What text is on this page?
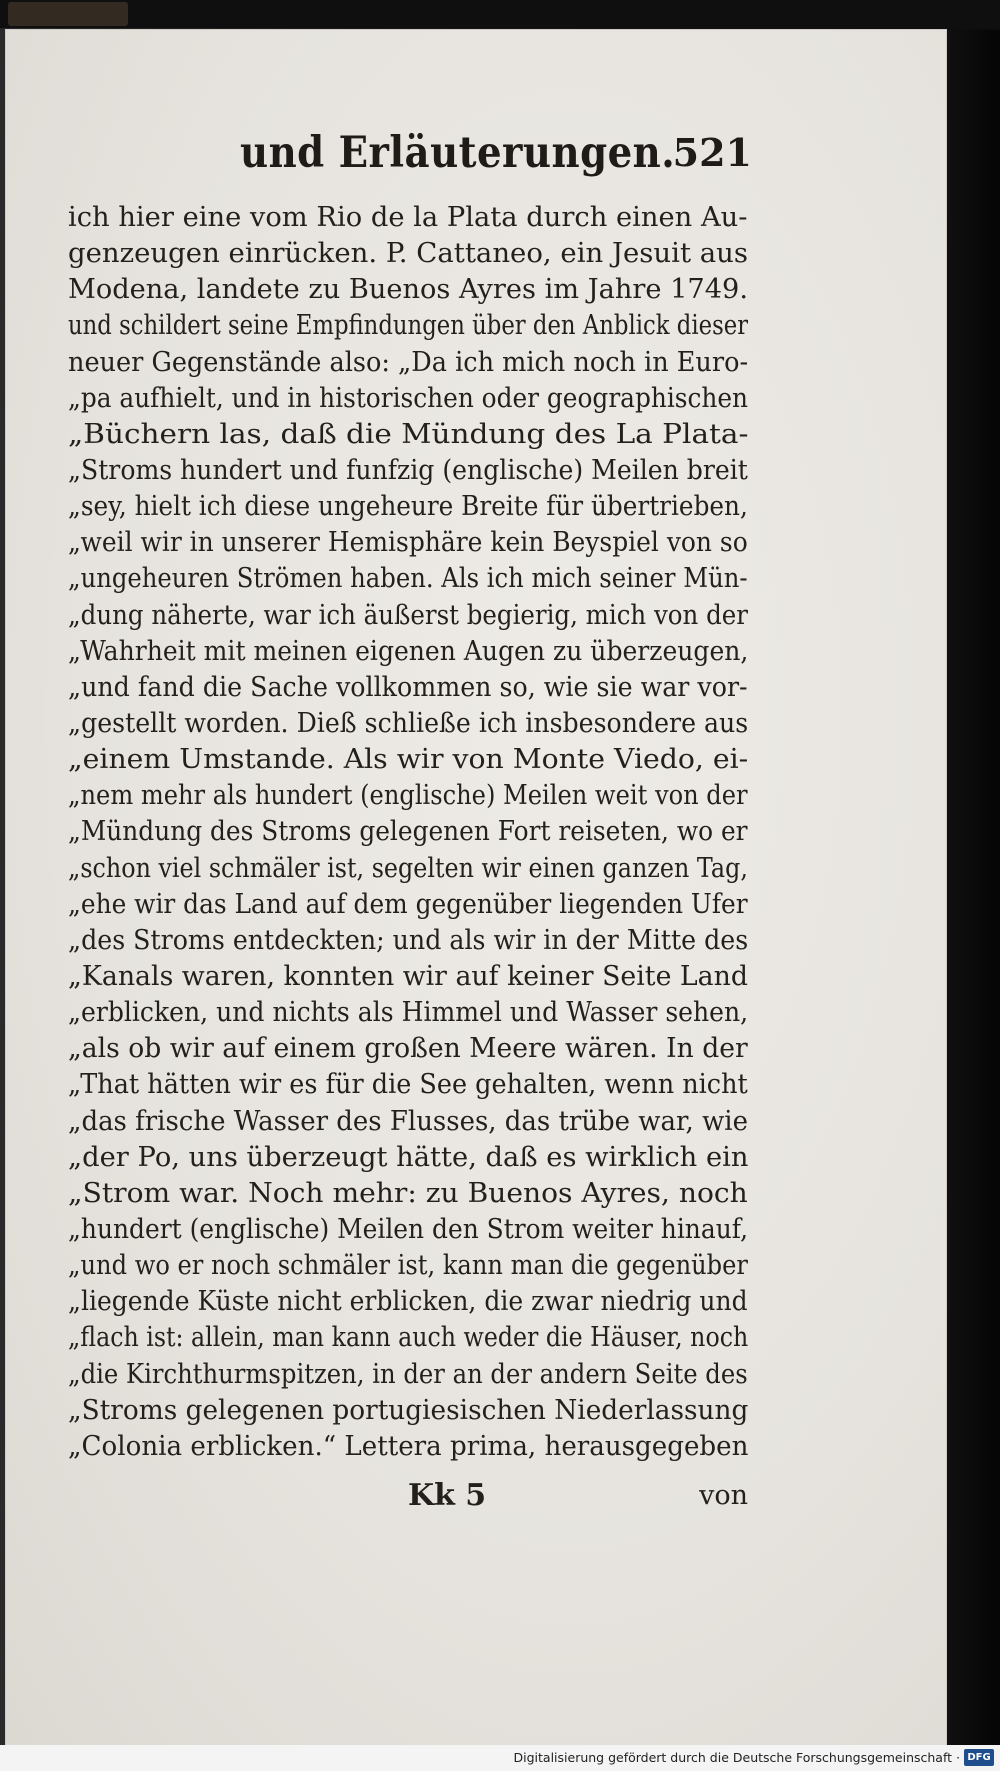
und Erläuterungen.
521
ich hier eine vom Rio de la Plata durch einen Au-
genzeugen einrücken. P. Cattaneo, ein Jesuit aus
Modena, landete zu Buenos Ayres im Jahre 1749.
und schildert seine Empfindungen über den Anblick dieser
neuer Gegenstände also: „Da ich mich noch in Euro-
„pa aufhielt, und in historischen oder geographischen
„Büchern las, daß die Mündung des La Plata-
„Stroms hundert und funfzig (englische) Meilen breit
„sey, hielt ich diese ungeheure Breite für übertrieben,
„weil wir in unserer Hemisphäre kein Beyspiel von so
„ungeheuren Strömen haben. Als ich mich seiner Mün-
„dung näherte, war ich äußerst begierig, mich von der
„Wahrheit mit meinen eigenen Augen zu überzeugen,
„und fand die Sache vollkommen so, wie sie war vor-
„gestellt worden. Dieß schließe ich insbesondere aus
„einem Umstande. Als wir von Monte Viedo, ei-
„nem mehr als hundert (englische) Meilen weit von der
„Mündung des Stroms gelegenen Fort reiseten, wo er
„schon viel schmäler ist, segelten wir einen ganzen Tag,
„ehe wir das Land auf dem gegenüber liegenden Ufer
„des Stroms entdeckten; und als wir in der Mitte des
„Kanals waren, konnten wir auf keiner Seite Land
„erblicken, und nichts als Himmel und Wasser sehen,
„als ob wir auf einem großen Meere wären. In der
„That hätten wir es für die See gehalten, wenn nicht
„das frische Wasser des Flusses, das trübe war, wie
„der Po, uns überzeugt hätte, daß es wirklich ein
„Strom war. Noch mehr: zu Buenos Ayres, noch
„hundert (englische) Meilen den Strom weiter hinauf,
„und wo er noch schmäler ist, kann man die gegenüber
„liegende Küste nicht erblicken, die zwar niedrig und
„flach ist: allein, man kann auch weder die Häuser, noch
„die Kirchthurmspitzen, in der an der andern Seite des
„Stroms gelegenen portugiesischen Niederlassung
„Colonia erblicken.“ Lettera prima, herausgegeben
Kk 5	von
Digitalisierung gefördert durch die Deutsche Forschungsgemeinschaft · DFG
